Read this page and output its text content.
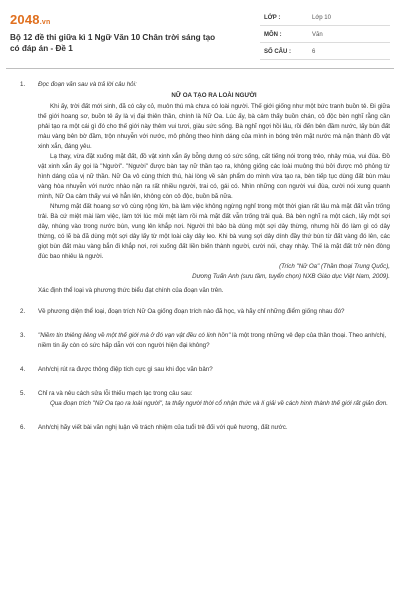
2048.vn
Bộ 12 đề thi giữa kì 1 Ngữ Văn 10 Chân trời sáng tạo có đáp án - Đề 1
LỚP :	Lớp 10
MÔN :	Văn
SỐ CÂU :	6
1. Đọc đoạn văn sau và trả lời câu hỏi:

NỮ OA TẠO RA LOÀI NGƯỜI

Khi ấy, trời đất mới sinh, đã có cây cỏ, muôn thú mà chưa có loài người. Thế giới giống như một bức tranh buồn tẻ. Đi giữa thế giới hoang sơ, buồn tẻ ấy là vị đại thiên thần, chính là Nữ Oa. Lúc ấy, bà cảm thấy buồn chán, cô độc bèn nghĩ rằng cần phải tạo ra một cái gì đó cho thế giới này thêm vui tươi, giàu sức sống. Bà nghĩ ngợi hồi lâu, rồi đến bên đầm nước, lấy bùn đất màu vàng bên bờ đầm, trộn nhuyễn với nước, mô phỏng theo hình dáng của mình in bóng trên mặt nước mà nặn thành đồ vật xinh xắn, đáng yêu.

Lạ thay, vừa đặt xuống mặt đất, đồ vật xinh xắn ấy bỗng dưng có sức sống, cất tiếng nói trong trẻo, nhảy múa, vui đùa. Đồ vật xinh xắn ấy gọi là "Người". "Người" được bàn tay nữ thần tạo ra, không giống các loài muông thú bởi được mô phỏng từ hình dáng của vị nữ thần. Nữ Oa vô cùng thích thú, hài lòng về sản phẩm do mình vừa tạo ra, bèn tiếp tục dùng đất bùn màu vàng hòa nhuyễn với nước nhào nặn ra rất nhiều người, trai có, gái có. Nhìn những con người vui đùa, cười nói xung quanh mình, Nữ Oa cảm thấy vui vẻ hẳn lên, không còn cô độc, buồn bã nữa.

Nhưng mặt đất hoang sơ vô cùng rộng lớn, bà làm việc không ngừng nghỉ trong một thời gian rất lâu mà mặt đất vẫn trống trải. Bà cứ miệt mài làm việc, làm tới lúc mỏi mệt làm rồi mà mặt đất vẫn trống trải quá. Bà bèn nghĩ ra một cách, lấy một sợi dây, nhúng vào trong nước bùn, vung lên khắp nơi. Người thì bảo bà dùng một sợi dây thừng, nhưng hồi đó làm gì có dây thừng, có lẽ bà đã dùng một sợi dây lấy từ một loài cây dây leo. Khi bà vung sợi dây dính đầy thứ bùn từ đất vàng đó lên, các giọt bùn đất màu vàng bắn đi khắp nơi, rơi xuống đất liền biến thành người, cười nói, chạy nhảy. Thế là mặt đất trở nên đông đúc bao nhiêu là người.

(Trích "Nữ Oa" (Thần thoại Trung Quốc),

Dương Tuấn Anh (sưu tầm, tuyển chọn) NXB Giáo dục Việt Nam, 2009).

Xác định thể loại và phương thức biểu đạt chính của đoạn văn trên.

2. Về phương diện thể loại, đoạn trích Nữ Oa giống đoạn trích nào đã học, và hãy chỉ những điểm giống nhau đó?

3. "Niềm tin thiêng liêng về một thế giới mà ở đó vạn vật đều có linh hồn" là một trong những vẻ đẹp của thần thoại. Theo anh/chị, niềm tin ấy còn có sức hấp dẫn với con người hiện đại không?

4. Anh/chị rút ra được thông điệp tích cực gì sau khi đọc văn bản?

5. Chỉ ra và nêu cách sửa lỗi thiếu mạch lạc trong câu sau:

Qua đoạn trích "Nữ Oa tạo ra loài người", ta thấy người thời cổ nhận thức và lí giải về cách hình thành thế giới rất giản đơn.

6. Anh/chị hãy viết bài văn nghị luận về trách nhiệm của tuổi trẻ đối với quê hương, đất nước.
